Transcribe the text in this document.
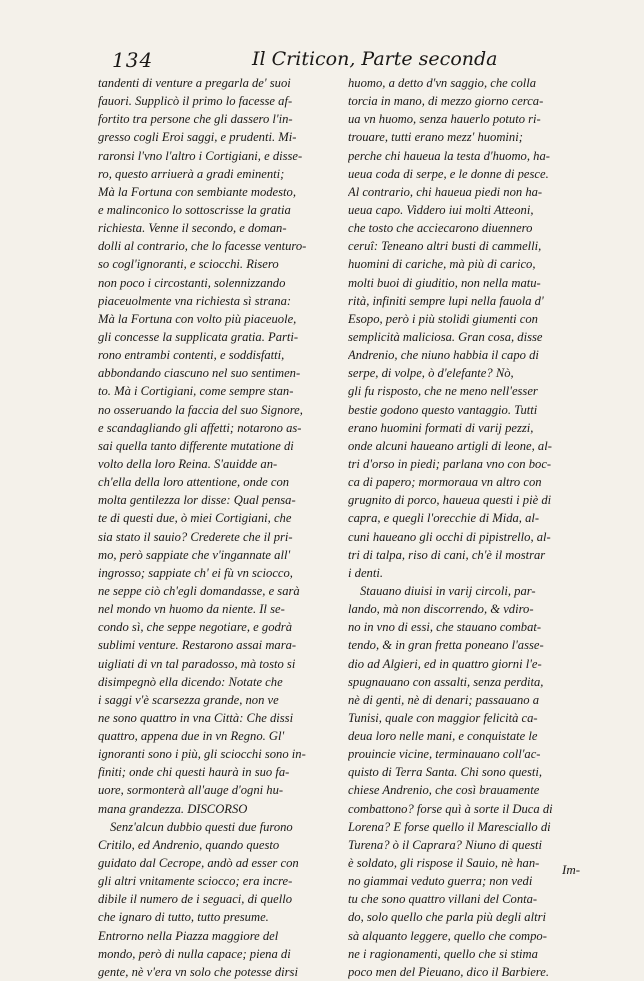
134	Il Criticon, Parte seconda
tandenti di venture a pregarla de' suoi
fauori. Supplicò il primo lo facesse af-
fortito tra persone che gli dassero l'in-
gresso cogli Eroi saggi, e prudenti. Mi-
raronsi l'vno l'altro i Cortigiani, e disse-
ro, questo arriuerà a gradi eminenti;
Mà la Fortuna con sembiante modesto,
e malinconico lo sottoscrisse la gratia
richiesta. Venne il secondo, e doman-
dolli al contrario, che lo facesse venturo-
so cogl'ignoranti, e sciocchi. Risero
non poco i circostanti, solennizzando
piaceuolmente vna richiesta sì strana:
Mà la Fortuna con volto più piaceuole,
gli concesse la supplicata gratia. Parti-
rono entrambi contenti, e soddisfatti,
abbondando ciascuno nel suo sentimen-
to. Mà i Cortigiani, come sempre stan-
no osseruando la faccia del suo Signore,
e scandagliando gli affetti; notarono as-
sai quella tanto differente mutatione di
volto della loro Reina. S'auidde an-
ch'ella della loro attentione, onde con
molta gentilezza lor disse: Qual pensa-
te di questi due, ò miei Cortigiani, che
sia stato il sauio? Crederete che il pri-
mo, però sappiate che v'ingannate all'
ingrosso; sappiate ch' ei fù vn sciocco,
ne seppe ciò ch'egli domandasse, e sarà
nel mondo vn huomo da niente. Il se-
condo sì, che seppe negotiare, e godrà
sublimi venture. Restarono assai mara-
uigliati di vn tal paradosso, mà tosto si
disimpegnò ella dicendo: Notate che
i saggi v'è scarsezza grande, non ve
ne sono quattro in vna Città: Che dissi
quattro, appena due in vn Regno. Gl'
ignoranti sono i più, gli sciocchi sono in-
finiti; onde chi questi haurà in suo fa-
uore, sormonterà all'auge d'ogni hu-
mana grandezza. DISCORSO
Senz'alcun dubbio questi due furono
Critilo, ed Andrenio, quando questo
guidato dal Cecrope, andò ad esser con
gli altri vnitamente sciocco; era incre-
dibile il numero de i seguaci, di quello
che ignaro di tutto, tutto presume.
Entrorno nella Piazza maggiore del
mondo, però di nulla capace; piena di
gente, nè v'era vn solo che potesse dirsi
huomo, a detto d'vn saggio, che colla
torcia in mano, di mezzo giorno cerca-
ua vn huomo, senza hauerlo potuto ri-
trouare, tutti erano mezz' huomini;
perche chi haueua la testa d'huomo, ha-
ueua coda di serpe, e le donne di pesce.
Al contrario, chi haueua piedi non ha-
ueua capo. Viddero iui molti Atteoni,
che tosto che acciecarono diuennero
ceruî: Teneano altri busti di cammelli,
huomini di cariche, mà più di carico,
molti buoi di giuditio, non nella matu-
rità, infiniti sempre lupi nella fauola d'
Esopo, però i più stolidi giumenti con
semplicità maliciosa. Gran cosa, disse
Andrenio, che niuno habbia il capo di
serpe, di volpe, ò d'elefante? Nò,
gli fu risposto, che ne meno nell'esser
bestie godono questo vantaggio. Tutti
erano huomini formati di varij pezzi,
onde alcuni haueano artigli di leone, al-
tri d'orso in piedi; parlana vno con boc-
ca di papero; mormoraua vn altro con
grugnito di porco, haueua questi i piè di
capra, e quegli l'orecchie di Mida, al-
cuni haueano gli occhi di pipistrello, al-
tri di talpa, riso di cani, ch'è il mostrar
i denti.
Stauano diuisi in varij circoli, par-
lando, mà non discorrendo, & vdiro-
no in vno di essi, che stauano combat-
tendo, & in gran fretta poneano l'asse-
dio ad Algieri, ed in quattro giorni l'e-
spugnauano con assalti, senza perdita,
nè di genti, nè di denari; passauano a
Tunisi, quale con maggior felicità ca-
deua loro nelle mani, e conquistate le
prouincie vicine, terminauano coll'ac-
quisto di Terra Santa. Chi sono questi,
chiese Andrenio, che così brauamente
combattono? forse quì à sorte il Duca di
Lorena? E forse quello il Maresciallo di
Turena? ò il Caprara? Niuno di questi
è soldato, gli rispose il Sauio, nè han-
no giammai veduto guerra; non vedi
tu che sono quattro villani del Conta-
do, solo quello che parla più degli altri
sà alquanto leggere, quello che compo-
ne i ragionamenti, quello che si stima
poco men del Pieuano, dico il Barbiere.
Im-
